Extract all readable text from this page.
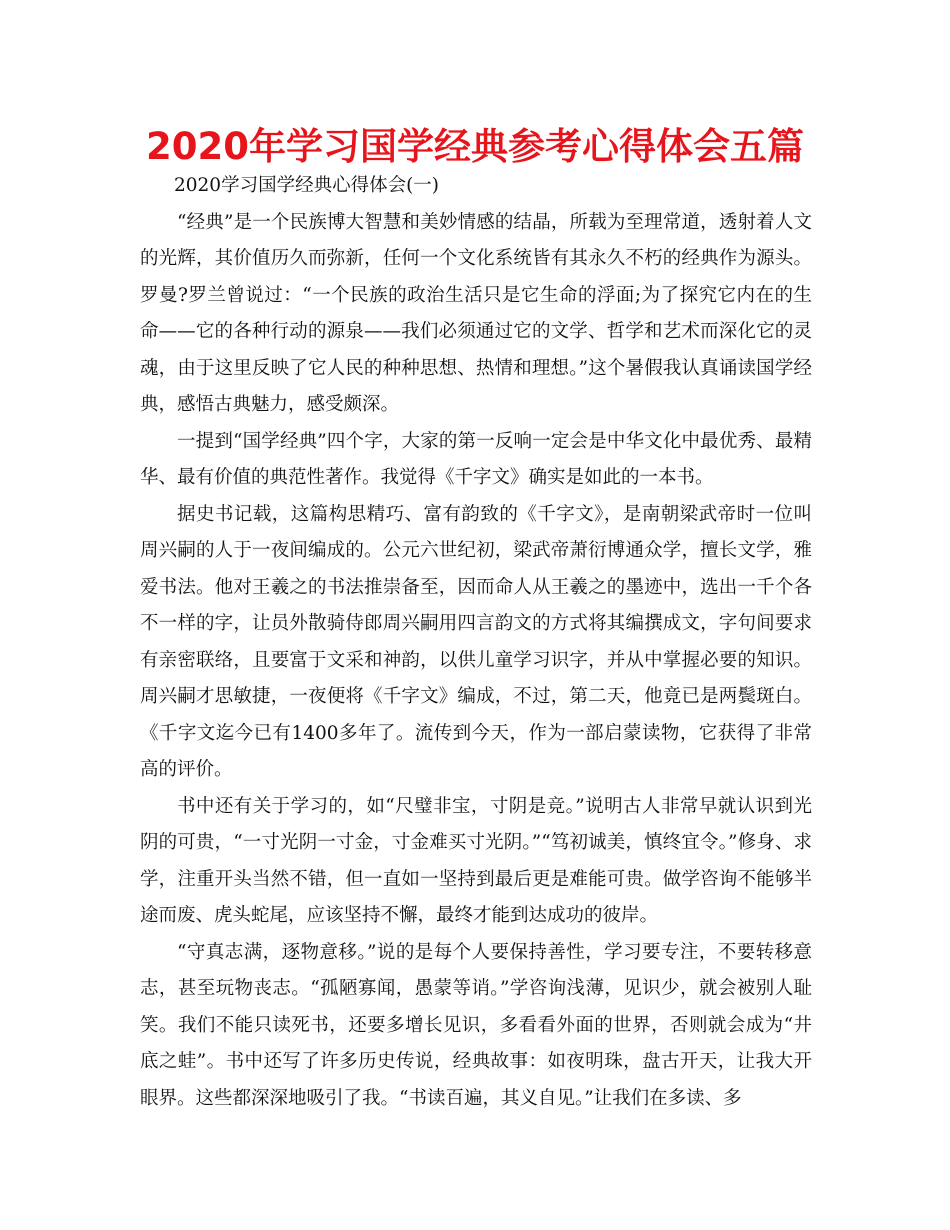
2020年学习国学经典参考心得体会五篇

2020学习国学经典心得体会(一)

“经典”是一个民族博大智慧和美妙情感的结晶，所载为至理常道，透射着人文的光辉，其价值历久而弥新，任何一个文化系统皆有其永久不朽的经典作为源头。罗曼?罗兰曾说过：“一个民族的政治生活只是它生命的浮面;为了探究它内在的生命——它的各种行动的源泉——我们必须通过它的文学、哲学和艺术而深化它的灵魂，由于这里反映了它人民的种种思想、热情和理想。”这个暑假我认真诵读国学经典，感悟古典魅力，感受颇深。

一提到“国学经典”四个字，大家的第一反响一定会是中华文化中最优秀、最精华、最有价值的典范性著作。我觉得《千字文》确实是如此的一本书。

据史书记载，这篇构思精巧、富有韵致的《千字文》，是南朝梁武帝时一位叫周兴嗣的人于一夜间编成的。公元六世纪初，梁武帝萧衍博通众学，擅长文学，雅爱书法。他对王羲之的书法推崇备至，因而命人从王羲之的墨迹中，选出一千个各不一样的字，让员外散骑侍郎周兴嗣用四言韵文的方式将其编撰成文，字句间要求有亲密联络，且要富于文采和神韵，以供儿童学习识字，并从中掌握必要的知识。周兴嗣才思敏捷，一夜便将《千字文》编成，不过，第二天，他竟已是两鬓斑白。《千字文迄今已有1400多年了。流传到今天，作为一部启蒙读物，它获得了非常高的评价。

书中还有关于学习的，如“尺璧非宝，寸阴是竞。”说明古人非常早就认识到光阴的可贵，“一寸光阴一寸金，寸金难买寸光阴。”“笃初诚美，慎终宜令。”修身、求学，注重开头当然不错，但一直如一坚持到最后更是难能可贵。做学咨询不能够半途而废、虎头蛇尾，应该坚持不懈，最终才能到达成功的彼岸。

“守真志满，逐物意移。”说的是每个人要保持善性，学习要专注，不要转移意志，甚至玩物丧志。“孤陋寡闻，愚蒙等诮。”学咨询浅薄，见识少，就会被别人耻笑。我们不能只读死书，还要多增长见识，多看看外面的世界，否则就会成为“井底之蛙”。书中还写了许多历史传说，经典故事：如夜明珠，盘古开天，让我大开眼界。这些都深深地吸引了我。“书读百遍，其义自见。”让我们在多读、多
